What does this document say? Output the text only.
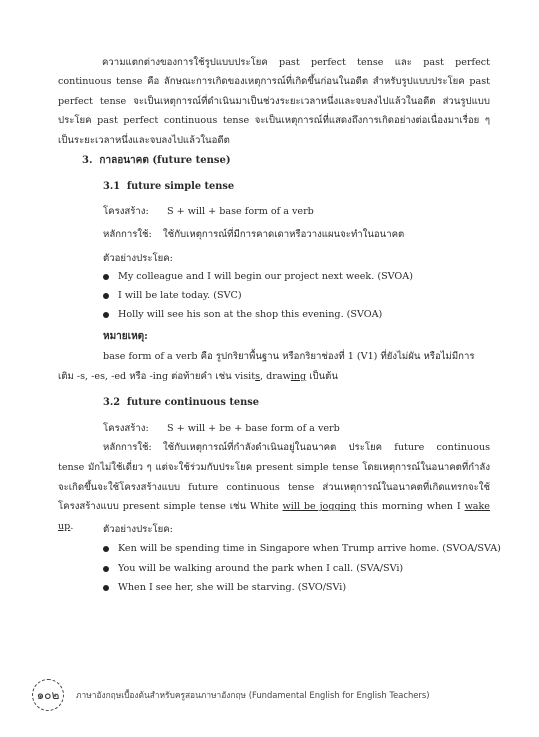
ความแตกต่างของการใช้รูปแบบประโยค past perfect tense และ past perfect continuous tense คือ ลักษณะการเกิดของเหตุการณ์ที่เกิดขึ้นก่อนในอดีต สำหรับรูปแบบประโยค past perfect tense จะเป็นเหตุการณ์ที่ดำเนินมาเป็นช่วงระยะเวลาหนึ่งและจบลงไปแล้วในอดีต ส่วนรูปแบบประโยค past perfect continuous tense จะเป็นเหตุการณ์ที่แสดงถึงการเกิดอย่างต่อเนื่องมาเรื่อย ๆ เป็นระยะเวลาหนึ่งและจบลงไปแล้วในอดีต
3.  กาลอนาคต (future tense)
3.1  future simple tense
โครงสร้าง: S + will + base form of a verb
หลักการใช้: ใช้กับเหตุการณ์ที่มีการคาดเดาหรือวางแผนจะทำในอนาคต
ตัวอย่างประโยค:
My colleague and I will begin our project next week. (SVOA)
I will be late today. (SVC)
Holly will see his son at the shop this evening. (SVOA)
หมายเหตุ:
base form of a verb คือ รูปกริยาพื้นฐาน หรือกริยาช่องที่ 1 (V1) ที่ยังไม่ผัน หรือไม่มีการ
เติม -s, -es, -ed หรือ -ing ต่อท้ายคำ เช่น visits, drawing เป็นต้น
3.2  future continuous tense
โครงสร้าง: S + will + be + base form of a verb
หลักการใช้: ใช้กับเหตุการณ์ที่กำลังดำเนินอยู่ในอนาคต ประโยค future continuous
tense มักไม่ใช้เดี่ยว ๆ แต่จะใช้ร่วมกับประโยค present simple tense โดยเหตุการณ์ในอนาคตที่กำลังจะเกิดขึ้นจะใช้โครงสร้างแบบ future continuous tense ส่วนเหตุการณ์ในอนาคตที่เกิดแทรกจะใช้โครงสร้างแบบ present simple tense เช่น White will be jogging this morning when I wake up.	ตัวอย่างประโยค:
Ken will be spending time in Singapore when Trump arrive home. (SVOA/SVA)
You will be walking around the park when I call. (SVA/SVi)
When I see her, she will be starving. (SVO/SVi)
๑๐๒ ภาษาอังกฤษเบื้องต้นสำหรับครูสอนภาษาอังกฤษ (Fundamental English for English Teachers)
